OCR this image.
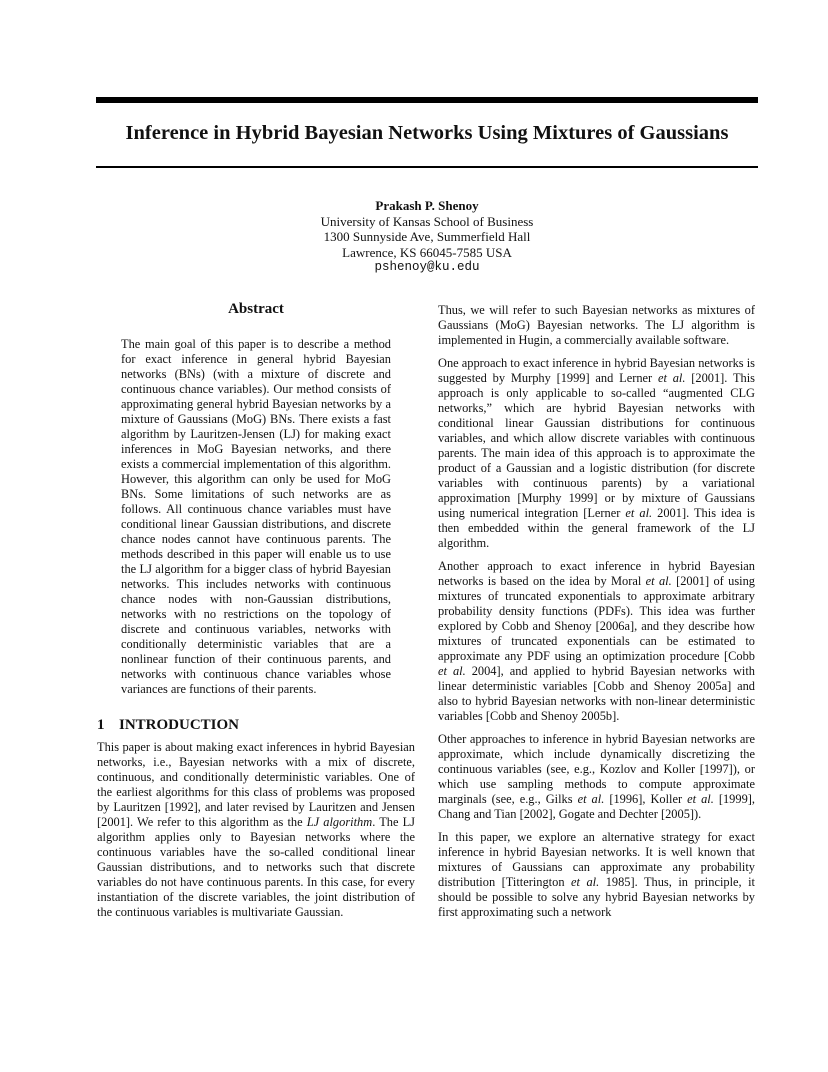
Inference in Hybrid Bayesian Networks Using Mixtures of Gaussians
Prakash P. Shenoy
University of Kansas School of Business
1300 Sunnyside Ave, Summerfield Hall
Lawrence, KS 66045-7585 USA
pshenoy@ku.edu
Abstract
The main goal of this paper is to describe a method for exact inference in general hybrid Bayesian networks (BNs) (with a mixture of discrete and continuous chance variables). Our method consists of approximating general hybrid Bayesian networks by a mixture of Gaussians (MoG) BNs. There exists a fast algorithm by Lauritzen-Jensen (LJ) for making exact inferences in MoG Bayesian networks, and there exists a commercial implementation of this algorithm. However, this algorithm can only be used for MoG BNs. Some limitations of such networks are as follows. All continuous chance variables must have conditional linear Gaussian distributions, and discrete chance nodes cannot have continuous parents. The methods described in this paper will enable us to use the LJ algorithm for a bigger class of hybrid Bayesian networks. This includes networks with continuous chance nodes with non-Gaussian distributions, networks with no restrictions on the topology of discrete and continuous variables, networks with conditionally deterministic variables that are a nonlinear function of their continuous parents, and networks with continuous chance variables whose variances are functions of their parents.
1 INTRODUCTION

This paper is about making exact inferences in hybrid Bayesian networks, i.e., Bayesian networks with a mix of discrete, continuous, and conditionally deterministic variables. One of the earliest algorithms for this class of problems was proposed by Lauritzen [1992], and later revised by Lauritzen and Jensen [2001]. We refer to this algorithm as the LJ algorithm. The LJ algorithm applies only to Bayesian networks where the continuous variables have the so-called conditional linear Gaussian distributions, and to networks such that discrete variables do not have continuous parents. In this case, for every instantiation of the discrete variables, the joint distribution of the continuous variables is multivariate Gaussian.

Thus, we will refer to such Bayesian networks as mixtures of Gaussians (MoG) Bayesian networks. The LJ algorithm is implemented in Hugin, a commercially available software.

One approach to exact inference in hybrid Bayesian networks is suggested by Murphy [1999] and Lerner et al. [2001]. This approach is only applicable to so-called “augmented CLG networks,” which are hybrid Bayesian networks with conditional linear Gaussian distributions for continuous variables, and which allow discrete variables with continuous parents. The main idea of this approach is to approximate the product of a Gaussian and a logistic distribution (for discrete variables with continuous parents) by a variational approximation [Murphy 1999] or by mixture of Gaussians using numerical integration [Lerner et al. 2001]. This idea is then embedded within the general framework of the LJ algorithm.

Another approach to exact inference in hybrid Bayesian networks is based on the idea by Moral et al. [2001] of using mixtures of truncated exponentials to approximate arbitrary probability density functions (PDFs). This idea was further explored by Cobb and Shenoy [2006a], and they describe how mixtures of truncated exponentials can be estimated to approximate any PDF using an optimization procedure [Cobb et al. 2004], and applied to hybrid Bayesian networks with linear deterministic variables [Cobb and Shenoy 2005a] and also to hybrid Bayesian networks with non-linear deterministic variables [Cobb and Shenoy 2005b].

Other approaches to inference in hybrid Bayesian networks are approximate, which include dynamically discretizing the continuous variables (see, e.g., Kozlov and Koller [1997]), or which use sampling methods to compute approximate marginals (see, e.g., Gilks et al. [1996], Koller et al. [1999], Chang and Tian [2002], Gogate and Dechter [2005]).

In this paper, we explore an alternative strategy for exact inference in hybrid Bayesian networks. It is well known that mixtures of Gaussians can approximate any probability distribution [Titterington et al. 1985]. Thus, in principle, it should be possible to solve any hybrid Bayesian networks by first approximating such a network
